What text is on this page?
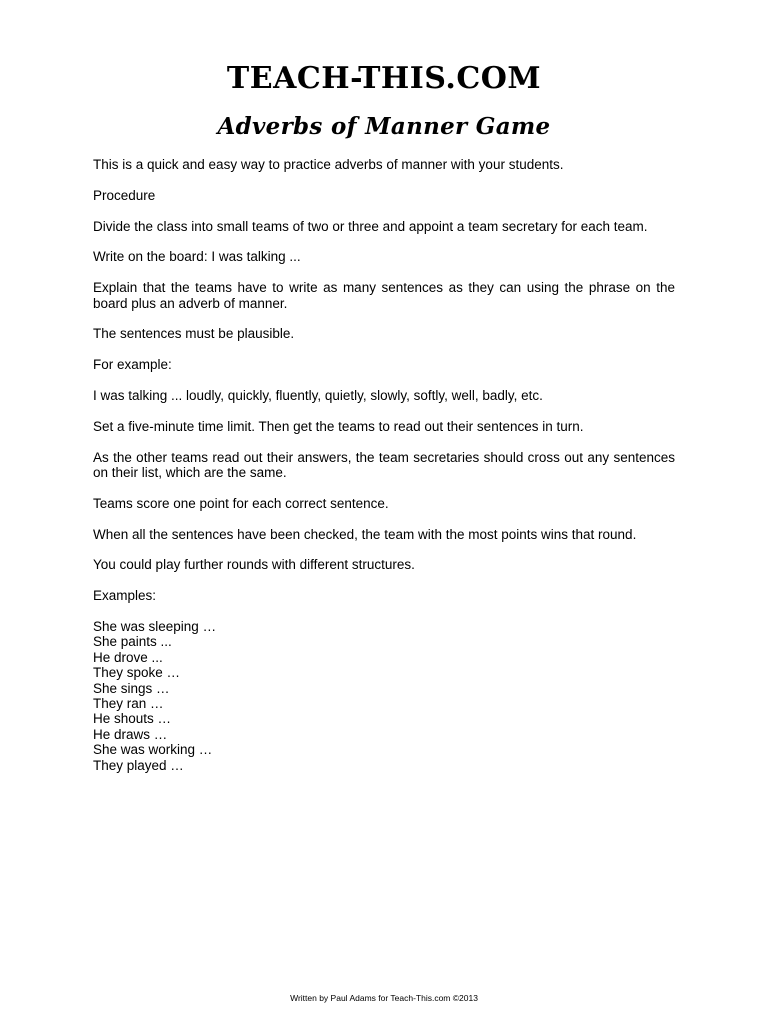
TEACH-THIS.COM
Adverbs of Manner Game

This is a quick and easy way to practice adverbs of manner with your students.

Procedure

Divide the class into small teams of two or three and appoint a team secretary for each team.

Write on the board: I was talking ...

Explain that the teams have to write as many sentences as they can using the phrase on the board plus an adverb of manner.

The sentences must be plausible.

For example:

I was talking ... loudly, quickly, fluently, quietly, slowly, softly, well, badly, etc.

Set a five-minute time limit. Then get the teams to read out their sentences in turn.

As the other teams read out their answers, the team secretaries should cross out any sentences on their list, which are the same.

Teams score one point for each correct sentence.

When all the sentences have been checked, the team with the most points wins that round.

You could play further rounds with different structures.

Examples:

She was sleeping …
She paints ...
He drove ...
They spoke …
She sings …
They ran …
He shouts …
He draws …
She was working …
They played …
Written by Paul Adams for Teach-This.com ©2013
